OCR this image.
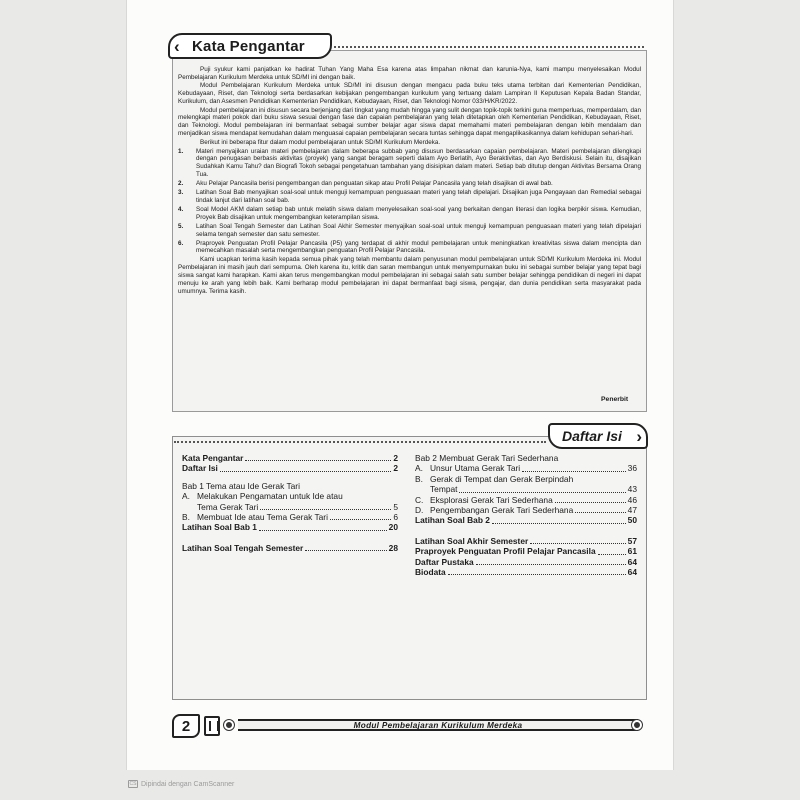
‹ Kata Pengantar

Puji syukur kami panjatkan ke hadirat Tuhan Yang Maha Esa karena atas limpahan nikmat dan karunia-Nya, kami mampu menyelesaikan Modul Pembelajaran Kurikulum Merdeka untuk SD/MI ini dengan baik.

Modul Pembelajaran Kurikulum Merdeka untuk SD/MI ini disusun dengan mengacu pada buku teks utama terbitan dari Kementerian Pendidikan, Kebudayaan, Riset, dan Teknologi serta berdasarkan kebijakan pengembangan kurikulum yang tertuang dalam Lampiran II Keputusan Kepala Badan Standar, Kurikulum, dan Asesmen Pendidikan Kementerian Pendidikan, Kebudayaan, Riset, dan Teknologi Nomor 033/H/KR/2022.

Modul pembelajaran ini disusun secara berjenjang dari tingkat yang mudah hingga yang sulit dengan topik-topik terkini guna memperluas, memperdalam, dan melengkapi materi pokok dari buku siswa sesuai dengan fase dan capaian pembelajaran yang telah ditetapkan oleh Kementerian Pendidikan, Kebudayaan, Riset, dan Teknologi. Modul pembelajaran ini bermanfaat sebagai sumber belajar agar siswa dapat memahami materi pembelajaran dengan lebih mendalam dan menjadikan siswa mendapat kemudahan dalam menguasai capaian pembelajaran secara tuntas sehingga dapat mengaplikasikannya dalam kehidupan sehari-hari.

Berikut ini beberapa fitur dalam modul pembelajaran untuk SD/MI Kurikulum Merdeka.

1.	Materi menyajikan uraian materi pembelajaran dalam beberapa subbab yang disusun berdasarkan capaian pembelajaran. Materi pembelajaran dilengkapi dengan penugasan berbasis aktivitas (proyek) yang sangat beragam seperti dalam Ayo Berlatih, Ayo Beraktivitas, dan Ayo Berdiskusi. Selain itu, disajikan Sudahkah Kamu Tahu? dan Biografi Tokoh sebagai pengetahuan tambahan yang disisipkan dalam materi. Setiap bab ditutup dengan Aktivitas Bersama Orang Tua.
2.	Aku Pelajar Pancasila berisi pengembangan dan penguatan sikap atau Profil Pelajar Pancasila yang telah disajikan di awal bab.
3.	Latihan Soal Bab menyajikan soal-soal untuk menguji kemampuan penguasaan materi yang telah dipelajari. Disajikan juga Pengayaan dan Remedial sebagai tindak lanjut dari latihan soal bab.
4.	Soal Model AKM dalam setiap bab untuk melatih siswa dalam menyelesaikan soal-soal yang berkaitan dengan literasi dan logika berpikir siswa. Kemudian, Proyek Bab disajikan untuk mengembangkan keterampilan siswa.
5.	Latihan Soal Tengah Semester dan Latihan Soal Akhir Semester menyajikan soal-soal untuk menguji kemampuan penguasaan materi yang telah dipelajari selama tengah semester dan satu semester.
6.	Praproyek Penguatan Profil Pelajar Pancasila (P5) yang terdapat di akhir modul pembelajaran untuk meningkatkan kreativitas siswa dalam mencipta dan memecahkan masalah serta mengembangkan penguatan Profil Pelajar Pancasila.

Kami ucapkan terima kasih kepada semua pihak yang telah membantu dalam penyusunan modul pembelajaran untuk SD/MI Kurikulum Merdeka ini. Modul Pembelajaran ini masih jauh dari sempurna. Oleh karena itu, kritik dan saran membangun untuk menyempurnakan buku ini sebagai sumber belajar yang tepat bagi siswa sangat kami harapkan. Kami akan terus mengembangkan modul pembelajaran ini sebagai salah satu sumber belajar sehingga pendidikan di negeri ini dapat menuju ke arah yang lebih baik. Kami berharap modul pembelajaran ini dapat bermanfaat bagi siswa, pengajar, dan dunia pendidikan serta masyarakat pada umumnya. Terima kasih.

Penerbit
Daftar Isi ›
Kata Pengantar	2
Daftar Isi	2
Bab 1 Tema atau Ide Gerak Tari
A. Melakukan Pengamatan untuk Ide atau
Tema Gerak Tari	5
B. Membuat Ide atau Tema Gerak Tari	6
Latihan Soal Bab 1	20
Latihan Soal Tengah Semester	28
Bab 2 Membuat Gerak Tari Sederhana
A. Unsur Utama Gerak Tari	36
B. Gerak di Tempat dan Gerak Berpindah
Tempat	43
C. Eksplorasi Gerak Tari Sederhana	46
D. Pengembangan Gerak Tari Sederhana	47
Latihan Soal Bab 2	50
Latihan Soal Akhir Semester	57
Praproyek Penguatan Profil Pelajar Pancasila	61
Daftar Pustaka	64
Biodata	64
2	Modul Pembelajaran Kurikulum Merdeka
CS Dipindai dengan CamScanner
